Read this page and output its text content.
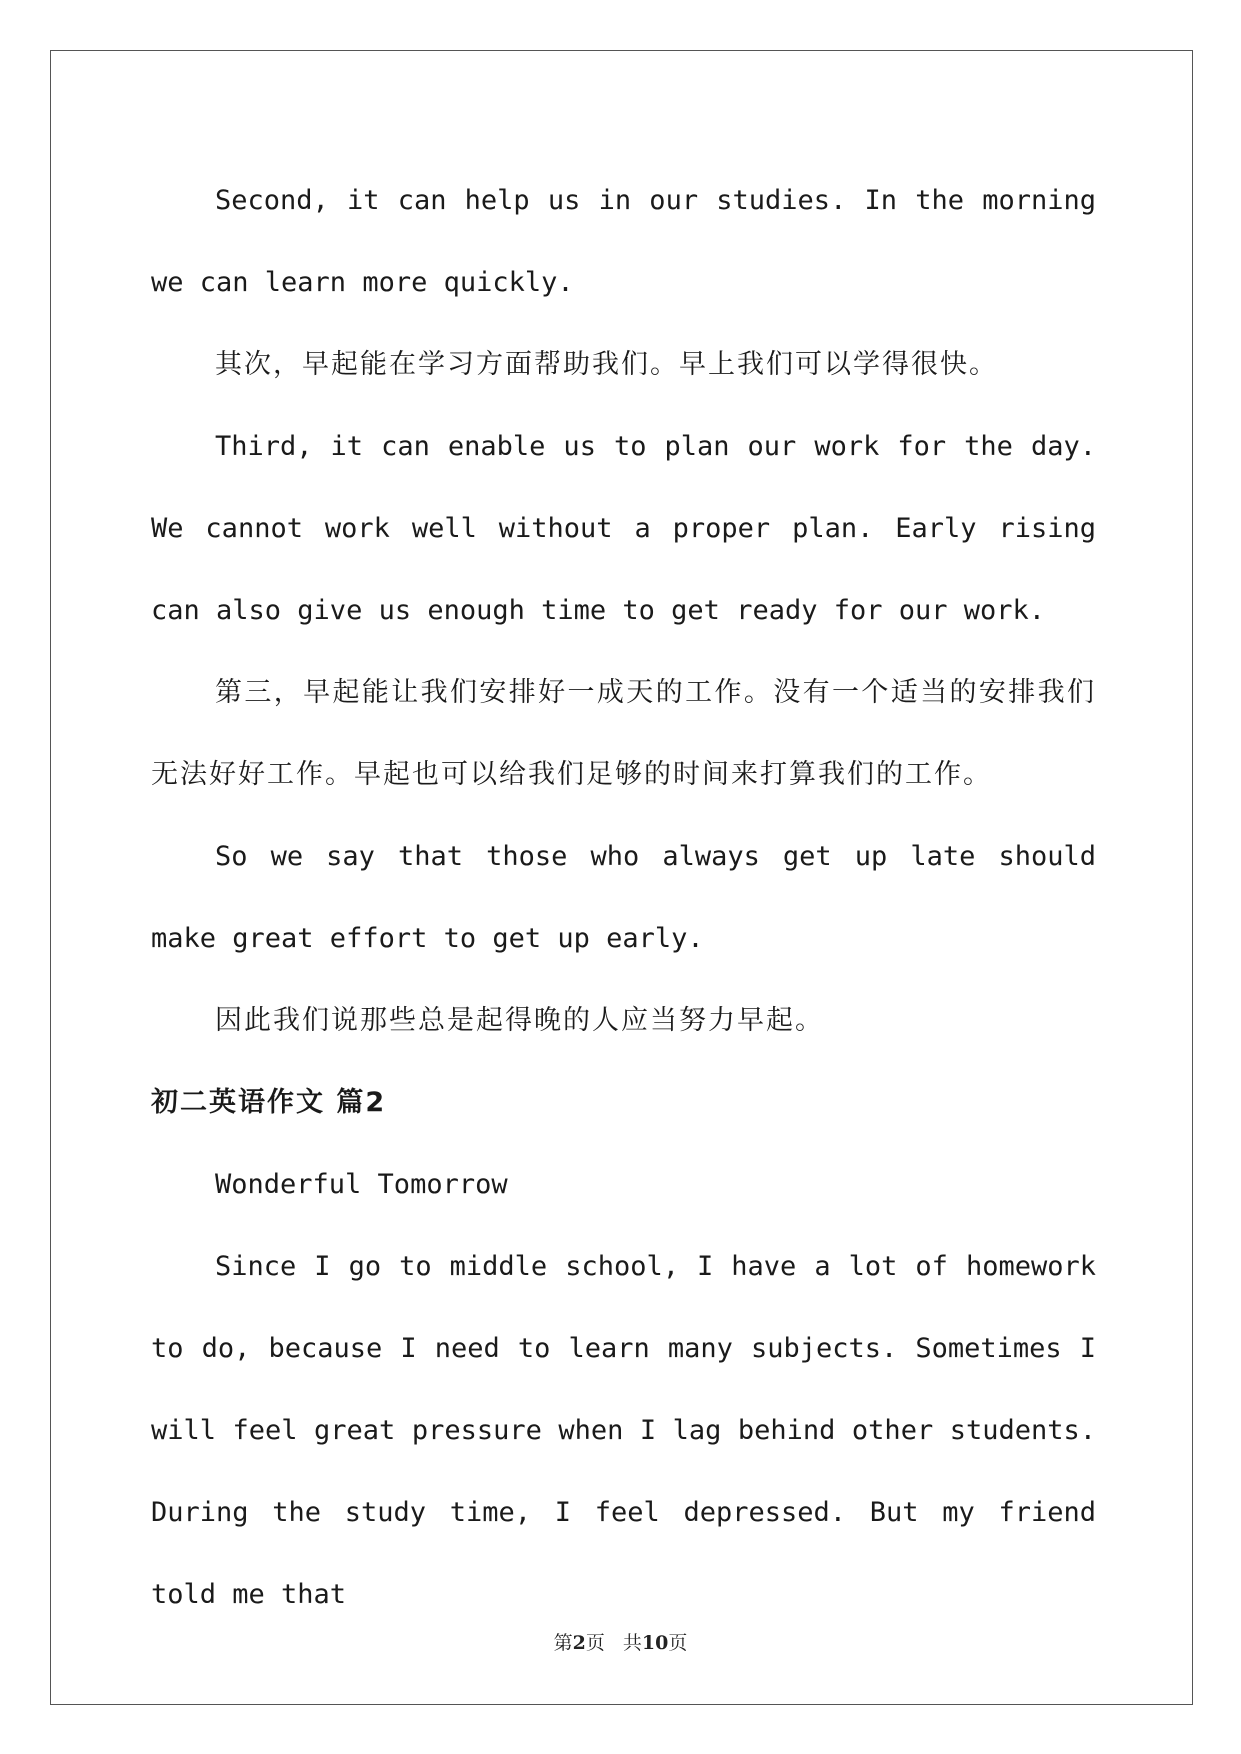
Second, it can help us in our studies. In the morning we can learn more quickly.

其次，早起能在学习方面帮助我们。早上我们可以学得很快。

Third, it can enable us to plan our work for the day. We cannot work well without a proper plan. Early rising can also give us enough time to get ready for our work.

第三，早起能让我们安排好一成天的工作。没有一个适当的安排我们无法好好工作。早起也可以给我们足够的时间来打算我们的工作。

So we say that those who always get up late should make great effort to get up early.

因此我们说那些总是起得晚的人应当努力早起。

初二英语作文 篇2

Wonderful Tomorrow

Since I go to middle school, I have a lot of homework to do, because I need to learn many subjects. Sometimes I will feel great pressure when I lag behind other students. During the study time, I feel depressed. But my friend told me that

第2页 共10页
